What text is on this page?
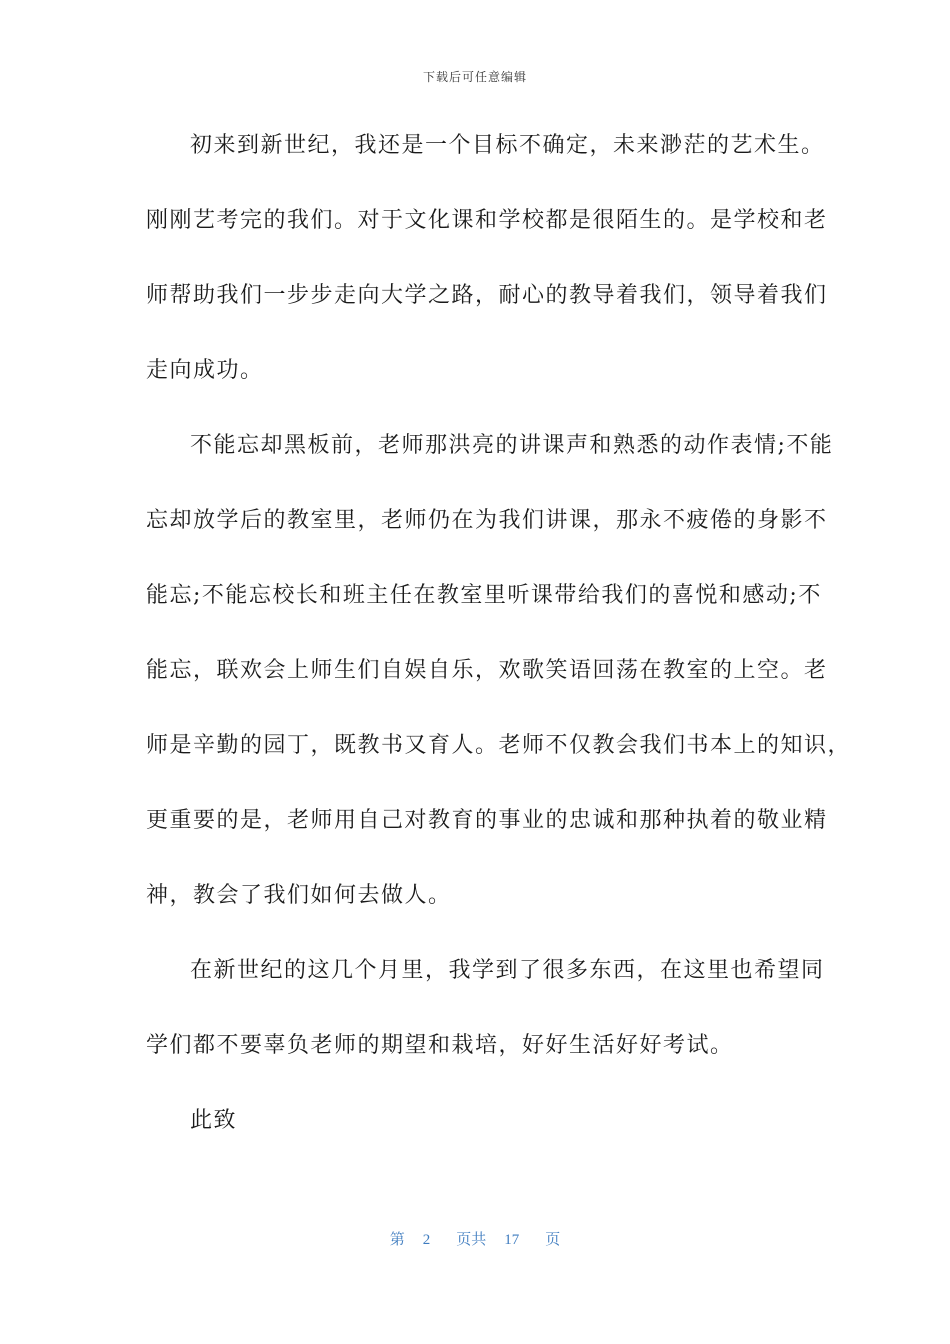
下载后可任意编辑
初来到新世纪，我还是一个目标不确定，未来渺茫的艺术生。
刚刚艺考完的我们。对于文化课和学校都是很陌生的。是学校和老
师帮助我们一步步走向大学之路，耐心的教导着我们，领导着我们
走向成功。
不能忘却黑板前，老师那洪亮的讲课声和熟悉的动作表情;不能
忘却放学后的教室里，老师仍在为我们讲课，那永不疲倦的身影不
能忘;不能忘校长和班主任在教室里听课带给我们的喜悦和感动;不
能忘，联欢会上师生们自娱自乐，欢歌笑语回荡在教室的上空。老
师是辛勤的园丁，既教书又育人。老师不仅教会我们书本上的知识，
更重要的是，老师用自己对教育的事业的忠诚和那种执着的敬业精
神，教会了我们如何去做人。
在新世纪的这几个月里，我学到了很多东西，在这里也希望同
学们都不要辜负老师的期望和栽培，好好生活好好考试。
此致
第 2 页共 17 页
